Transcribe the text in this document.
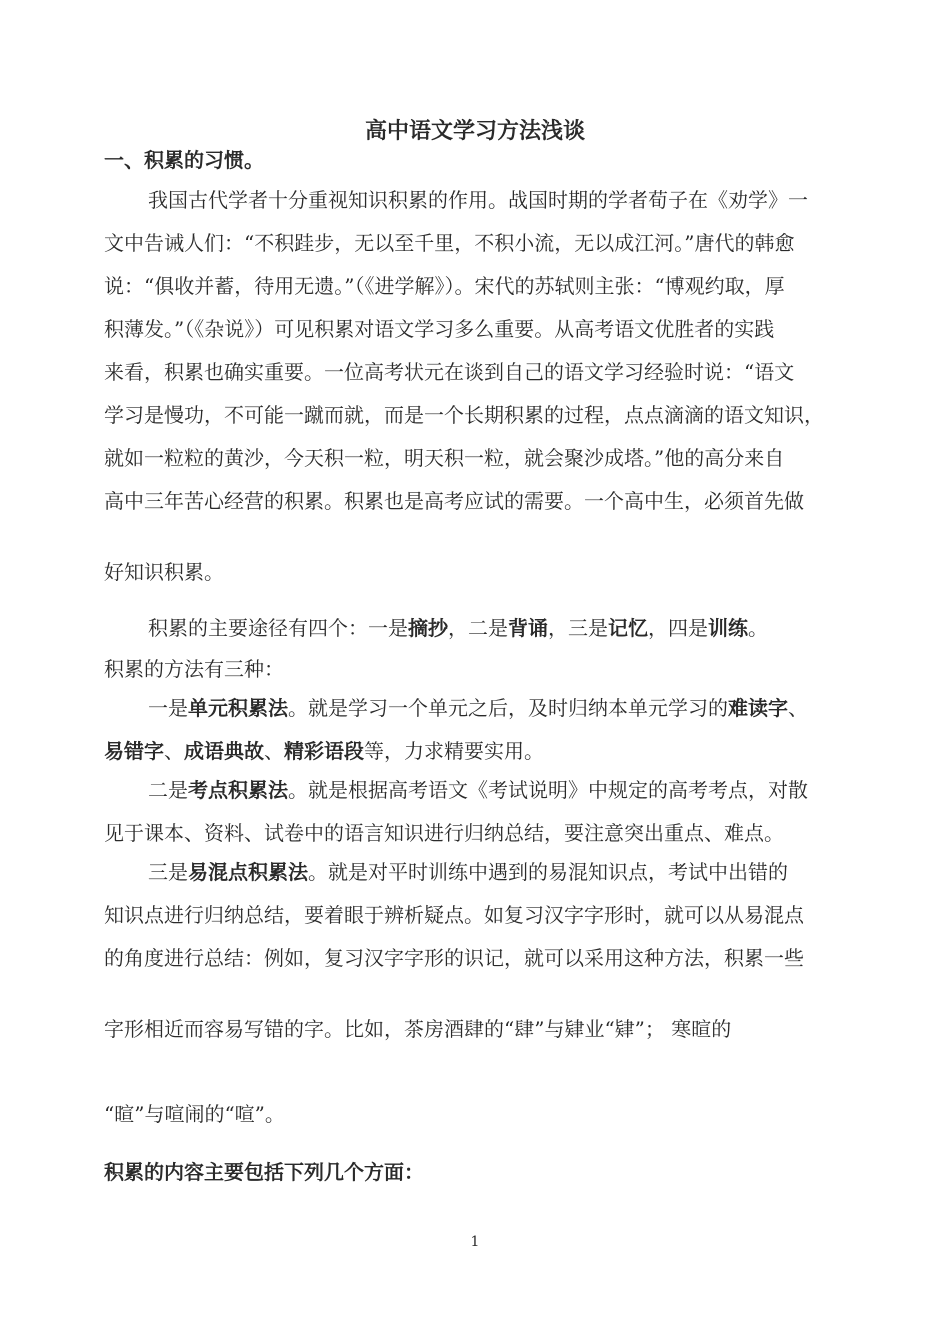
高中语文学习方法浅谈

一、积累的习惯。

我国古代学者十分重视知识积累的作用。战国时期的学者荀子在《劝学》一

文中告诫人们：“不积跬步，无以至千里，不积小流，无以成江河。”唐代的韩愈

说：“俱收并蓄，待用无遗。”（《进学解》）。宋代的苏轼则主张：“博观约取，厚

积薄发。”（《杂说》）可见积累对语文学习多么重要。从高考语文优胜者的实践

来看，积累也确实重要。一位高考状元在谈到自己的语文学习经验时说：“语文

学习是慢功，不可能一蹴而就，而是一个长期积累的过程，点点滴滴的语文知识，

就如一粒粒的黄沙，今天积一粒，明天积一粒，就会聚沙成塔。”他的高分来自

高中三年苦心经营的积累。积累也是高考应试的需要。一个高中生，必须首先做

好知识积累。

积累的主要途径有四个：一是摘抄，二是背诵，三是记忆，四是训练。

积累的方法有三种：

一是单元积累法。就是学习一个单元之后，及时归纳本单元学习的难读字、

易错字、成语典故、精彩语段等，力求精要实用。

二是考点积累法。就是根据高考语文《考试说明》中规定的高考考点，对散

见于课本、资料、试卷中的语言知识进行归纳总结，要注意突出重点、难点。

三是易混点积累法。就是对平时训练中遇到的易混知识点，考试中出错的

知识点进行归纳总结，要着眼于辨析疑点。如复习汉字字形时，就可以从易混点

的角度进行总结：例如，复习汉字字形的识记，就可以采用这种方法，积累一些

字形相近而容易写错的字。比如，茶房酒肆的“肆”与肄业“肄”； 寒暄的

“暄”与喧闹的“喧”。

积累的内容主要包括下列几个方面：

1
